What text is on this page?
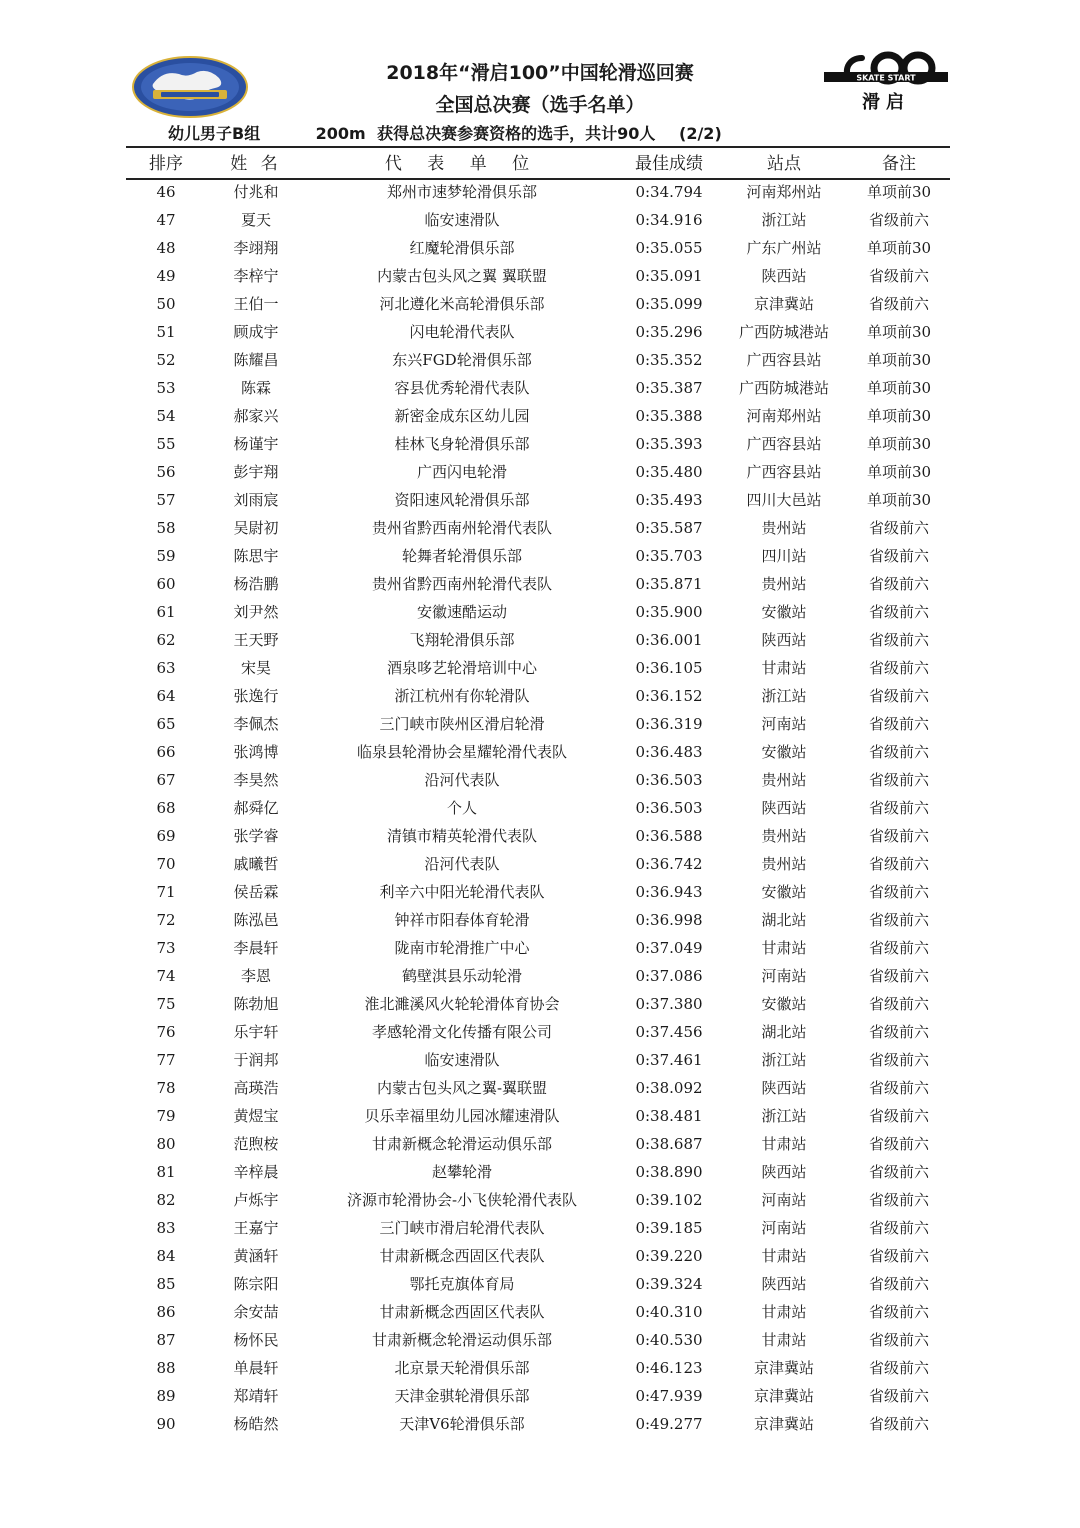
SKATE START
滑启
2018年“滑启100”中国轮滑巡回赛
全国总决赛（选手名单）
幼儿男子B组	200m 获得总决赛参赛资格的选手，共计90人 (2/2)
排序	姓 名	代 表 单 位	最佳成绩	站点	备注
46	付兆和	郑州市速梦轮滑俱乐部	0:34.794	河南郑州站	单项前30
47	夏天	临安速滑队	0:34.916	浙江站	省级前六
48	李翊翔	红魔轮滑俱乐部	0:35.055	广东广州站	单项前30
49	李梓宁	内蒙古包头风之翼 翼联盟	0:35.091	陕西站	省级前六
50	王伯一	河北遵化米高轮滑俱乐部	0:35.099	京津冀站	省级前六
51	顾成宇	闪电轮滑代表队	0:35.296	广西防城港站	单项前30
52	陈耀昌	东兴FGD轮滑俱乐部	0:35.352	广西容县站	单项前30
53	陈霖	容县优秀轮滑代表队	0:35.387	广西防城港站	单项前30
54	郝家兴	新密金成东区幼儿园	0:35.388	河南郑州站	单项前30
55	杨谨宇	桂林飞身轮滑俱乐部	0:35.393	广西容县站	单项前30
56	彭宇翔	广西闪电轮滑	0:35.480	广西容县站	单项前30
57	刘雨宸	资阳速风轮滑俱乐部	0:35.493	四川大邑站	单项前30
58	吴尉初	贵州省黔西南州轮滑代表队	0:35.587	贵州站	省级前六
59	陈思宇	轮舞者轮滑俱乐部	0:35.703	四川站	省级前六
60	杨浩鹏	贵州省黔西南州轮滑代表队	0:35.871	贵州站	省级前六
61	刘尹然	安徽速酷运动	0:35.900	安徽站	省级前六
62	王天野	飞翔轮滑俱乐部	0:36.001	陕西站	省级前六
63	宋昊	酒泉哆艺轮滑培训中心	0:36.105	甘肃站	省级前六
64	张逸行	浙江杭州有你轮滑队	0:36.152	浙江站	省级前六
65	李佩杰	三门峡市陕州区滑启轮滑	0:36.319	河南站	省级前六
66	张鸿博	临泉县轮滑协会星耀轮滑代表队	0:36.483	安徽站	省级前六
67	李昊然	沿河代表队	0:36.503	贵州站	省级前六
68	郝舜亿	个人	0:36.503	陕西站	省级前六
69	张学睿	清镇市精英轮滑代表队	0:36.588	贵州站	省级前六
70	戚曦哲	沿河代表队	0:36.742	贵州站	省级前六
71	侯岳霖	利辛六中阳光轮滑代表队	0:36.943	安徽站	省级前六
72	陈泓邑	钟祥市阳春体育轮滑	0:36.998	湖北站	省级前六
73	李晨轩	陇南市轮滑推广中心	0:37.049	甘肃站	省级前六
74	李恩	鹤壁淇县乐动轮滑	0:37.086	河南站	省级前六
75	陈勃旭	淮北濉溪风火轮轮滑体育协会	0:37.380	安徽站	省级前六
76	乐宇轩	孝感轮滑文化传播有限公司	0:37.456	湖北站	省级前六
77	于润邦	临安速滑队	0:37.461	浙江站	省级前六
78	高瑛浩	内蒙古包头风之翼-翼联盟	0:38.092	陕西站	省级前六
79	黄煜宝	贝乐幸福里幼儿园冰耀速滑队	0:38.481	浙江站	省级前六
80	范煦桉	甘肃新概念轮滑运动俱乐部	0:38.687	甘肃站	省级前六
81	辛梓晨	赵攀轮滑	0:38.890	陕西站	省级前六
82	卢烁宇	济源市轮滑协会-小飞侠轮滑代表队	0:39.102	河南站	省级前六
83	王嘉宁	三门峡市滑启轮滑代表队	0:39.185	河南站	省级前六
84	黄涵轩	甘肃新概念西固区代表队	0:39.220	甘肃站	省级前六
85	陈宗阳	鄂托克旗体育局	0:39.324	陕西站	省级前六
86	余安喆	甘肃新概念西固区代表队	0:40.310	甘肃站	省级前六
87	杨怀民	甘肃新概念轮滑运动俱乐部	0:40.530	甘肃站	省级前六
88	单晨轩	北京景天轮滑俱乐部	0:46.123	京津冀站	省级前六
89	郑靖轩	天津金骐轮滑俱乐部	0:47.939	京津冀站	省级前六
90	杨皓然	天津V6轮滑俱乐部	0:49.277	京津冀站	省级前六
